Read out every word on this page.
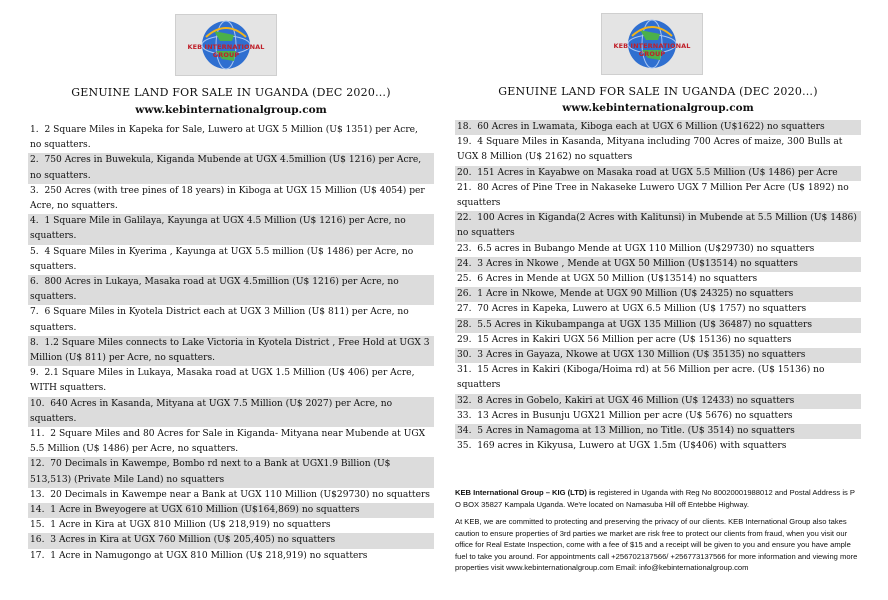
KEB INTERNATIONAL GROUP
GENUINE LAND FOR SALE IN UGANDA (DEC 2020…)
www.kebinternationalgroup.com
1. 2 Square Miles in Kapeka for Sale, Luwero at UGX 5 Million (U$ 1351) per Acre, no squatters.
2. 750 Acres in Buwekula, Kiganda Mubende at UGX 4.5million (U$ 1216) per Acre, no squatters.
3. 250 Acres (with tree pines of 18 years) in Kiboga at UGX 15 Million (U$ 4054) per Acre, no squatters.
4. 1 Square Mile in Galilaya, Kayunga at UGX 4.5 Million (U$ 1216) per Acre, no squatters.
5. 4 Square Miles in Kyerima , Kayunga at UGX 5.5 million (U$ 1486) per Acre, no squatters.
6. 800 Acres in Lukaya, Masaka road at UGX 4.5million (U$ 1216) per Acre, no squatters.
7. 6 Square Miles in Kyotela District each at UGX 3 Million (U$ 811) per Acre, no squatters.
8. 1.2 Square Miles connects to Lake Victoria in Kyotela District , Free Hold at UGX 3 Million (U$ 811) per Acre, no squatters.
9. 2.1 Square Miles in Lukaya, Masaka road at UGX 1.5 Million (U$ 406) per Acre, WITH squatters.
10. 640 Acres in Kasanda, Mityana at UGX 7.5 Million (U$ 2027) per Acre, no squatters.
11. 2 Square Miles and 80 Acres for Sale in Kiganda- Mityana near Mubende at UGX 5.5 Million (U$ 1486) per Acre, no squatters.
12. 70 Decimals in Kawempe, Bombo rd next to a Bank at UGX1.9 Billion (U$ 513,513) (Private Mile Land) no squatters
13. 20 Decimals in Kawempe near a Bank at UGX 110 Million (U$29730) no squatters
14. 1 Acre in Bweyogere at UGX 610 Million (U$164,869) no squatters
15. 1 Acre in Kira at UGX 810 Million (U$ 218,919) no squatters
16. 3 Acres in Kira at UGX 760 Million (U$ 205,405) no squatters
17. 1 Acre in Namugongo at UGX 810 Million (U$ 218,919) no squatters
KEB INTERNATIONAL GROUP
GENUINE LAND FOR SALE IN UGANDA (DEC 2020…)
www.kebinternationalgroup.com
18. 60 Acres in Lwamata, Kiboga each at UGX 6 Million (U$1622) no squatters
19. 4 Square Miles in Kasanda, Mityana including 700 Acres of maize, 300 Bulls at UGX 8 Million (U$ 2162) no squatters
20. 151 Acres in Kayabwe on Masaka road at UGX 5.5 Million (U$ 1486) per Acre
21. 80 Acres of Pine Tree in Nakaseke Luwero UGX 7 Million Per Acre (U$ 1892) no squatters
22. 100 Acres in Kiganda(2 Acres with Kalitunsi) in Mubende at 5.5 Million (U$ 1486) no squatters
23. 6.5 acres in Bubango Mende at UGX 110 Million (U$29730) no squatters
24. 3 Acres in Nkowe , Mende at UGX 50 Million (U$13514) no squatters
25. 6 Acres in Mende at UGX 50 Million (U$13514) no squatters
26. 1 Acre in Nkowe, Mende at UGX 90 Million (U$ 24325) no squatters
27. 70 Acres in Kapeka, Luwero at UGX 6.5 Million (U$ 1757) no squatters
28. 5.5 Acres in Kikubampanga at UGX 135 Million (U$ 36487) no squatters
29. 15 Acres in Kakiri UGX 56 Million per acre (U$ 15136) no squatters
30. 3 Acres in Gayaza, Nkowe at UGX 130 Million (U$ 35135) no squatters
31. 15 Acres in Kakiri (Kiboga/Hoima rd) at 56 Million per acre. (U$ 15136) no squatters
32. 8 Acres in Gobelo, Kakiri at UGX 46 Million (U$ 12433) no squatters
33. 13 Acres in Busunju UGX21 Million per acre (U$ 5676) no squatters
34. 5 Acres in Namagoma at 13 Million, no Title. (U$ 3514) no squatters
35. 169 acres in Kikyusa, Luwero at UGX 1.5m (U$406) with squatters

KEB International Group – KIG (LTD) is registered in Uganda with Reg No 80020001988012 and Postal Address is P O BOX 35827 Kampala Uganda. We're located on Namasuba Hill off Entebbe Highway.

At KEB, we are committed to protecting and preserving the privacy of our clients. KEB International Group also takes caution to ensure properties of 3rd parties we market are risk free to protect our clients from fraud, when you visit our office for Real Estate Inspection, come with a fee of $15 and a receipt will be given to you and ensure you have ample fuel to take you around. For appointments call +256702137566/ +256773137566 for more information and viewing more properties visit www.kebinternationalgroup.com Email: info@kebinternationalgroup.com
